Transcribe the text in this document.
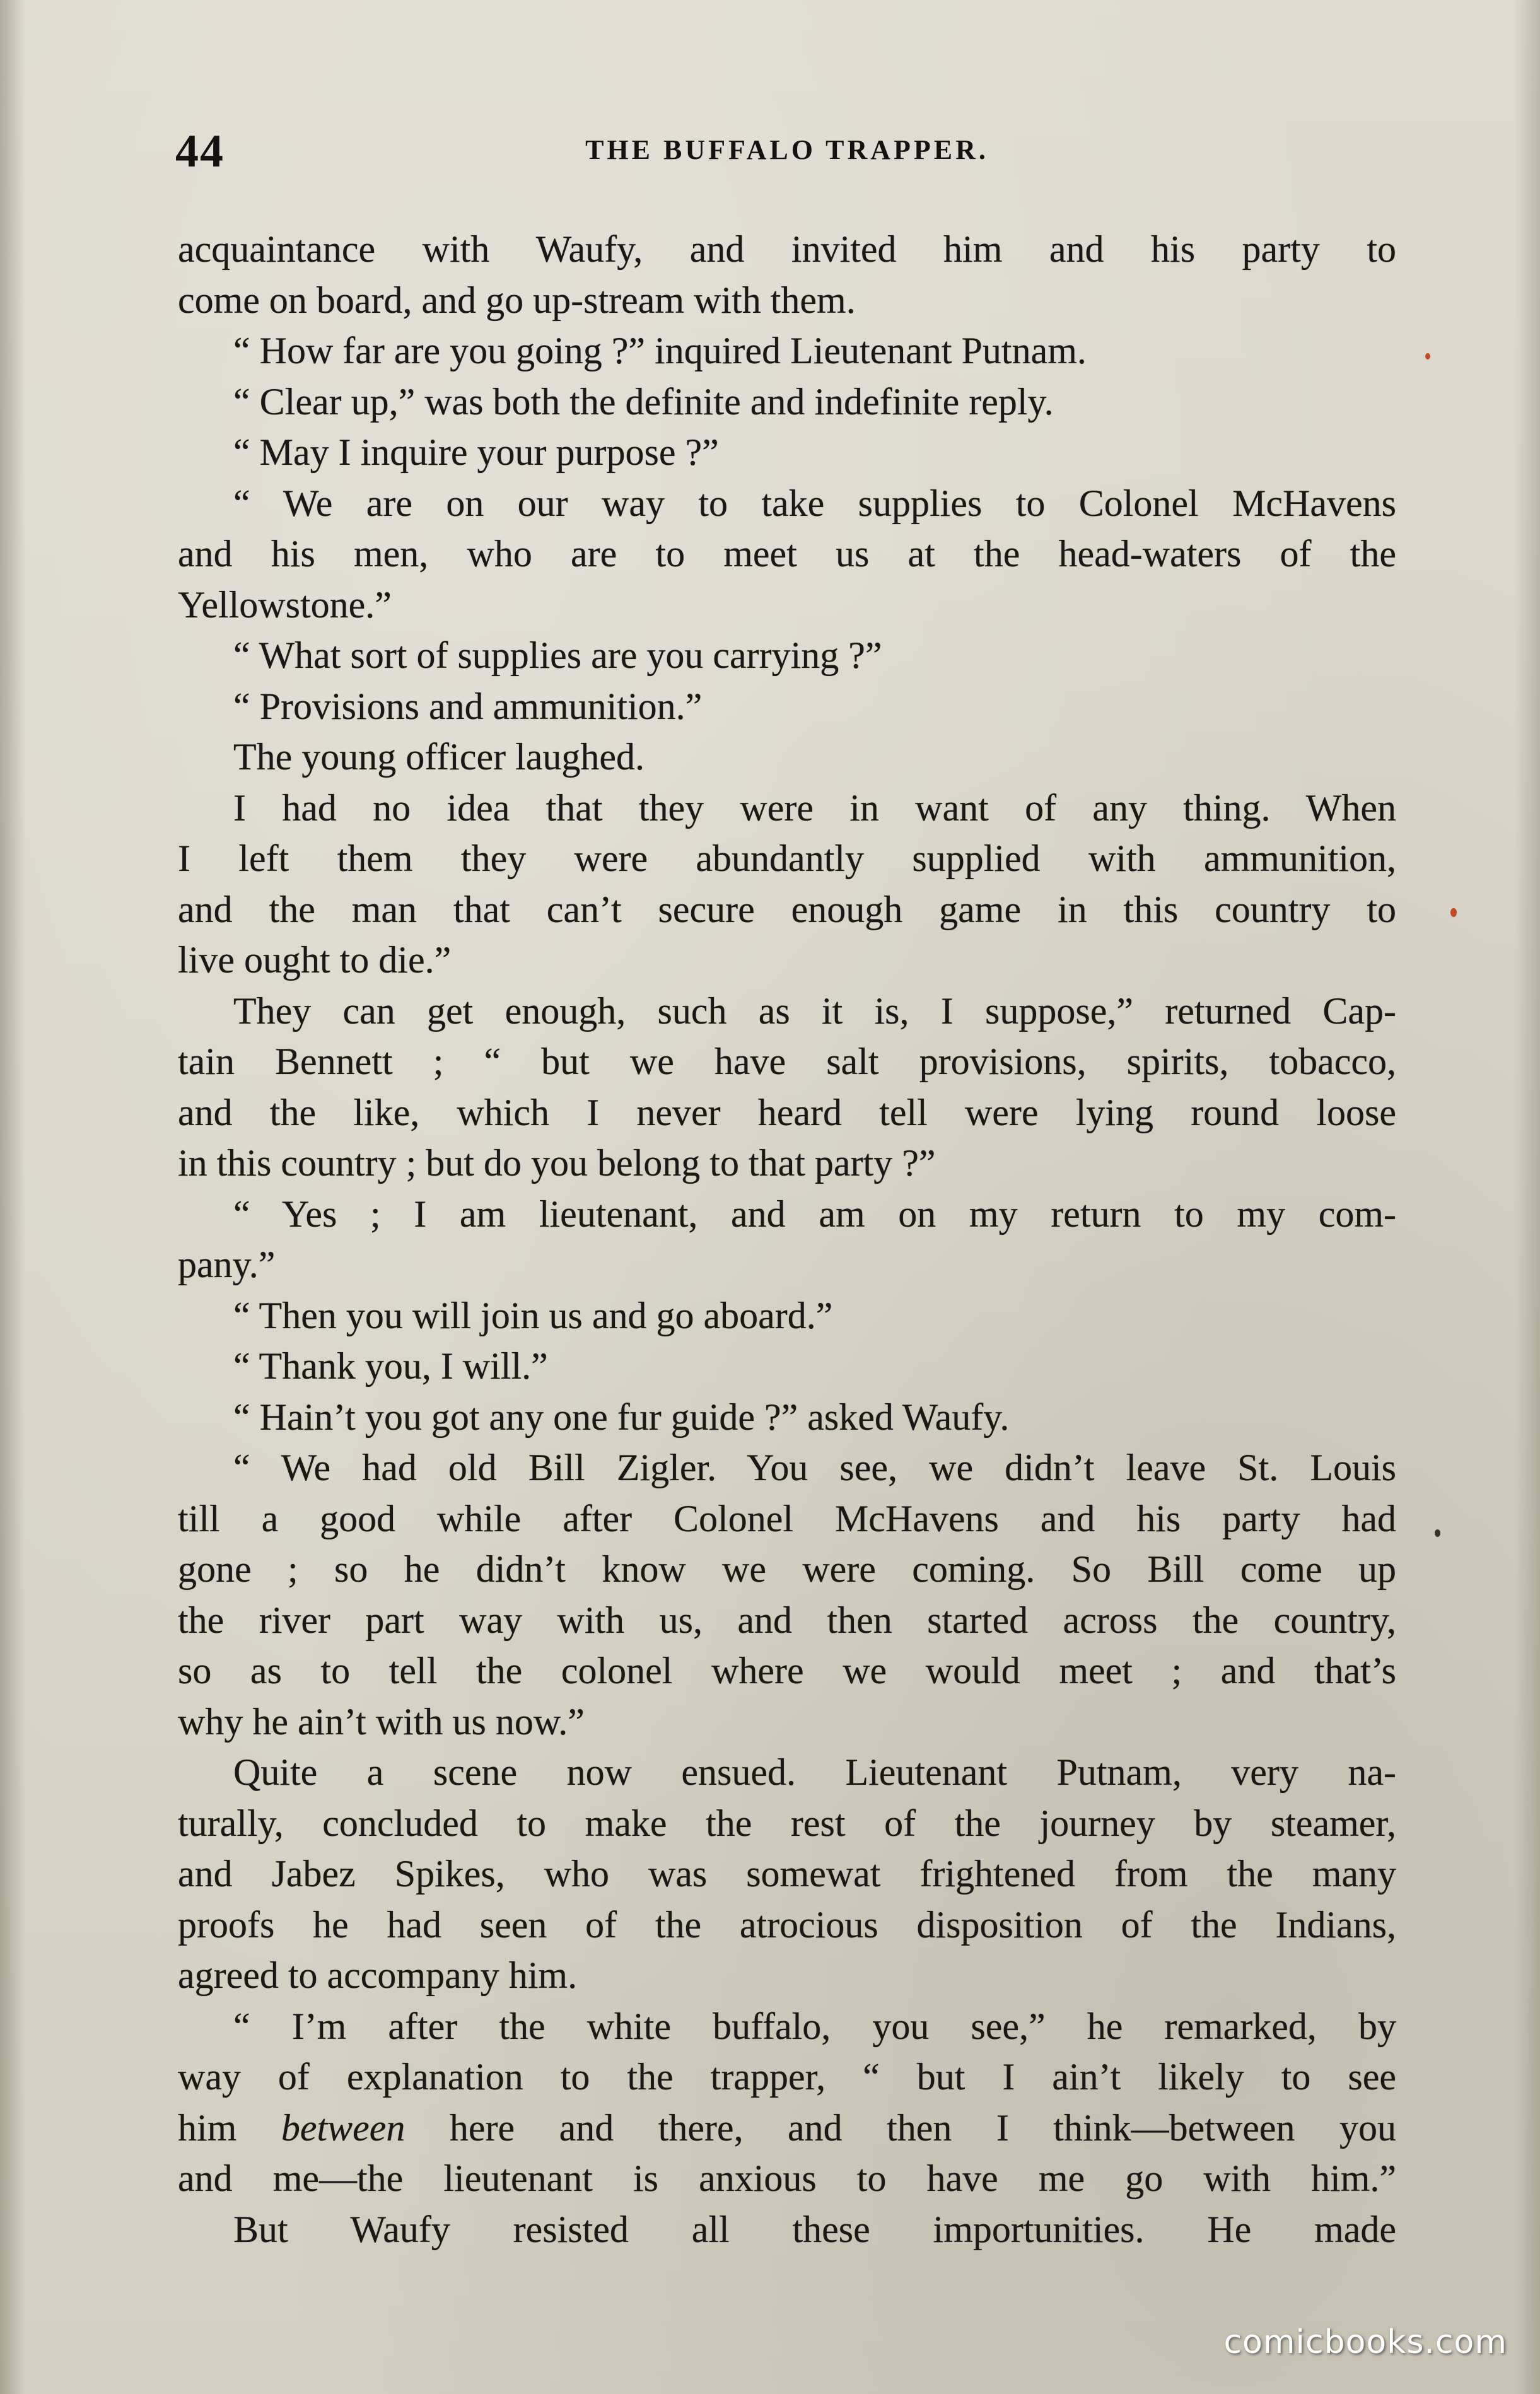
44	THE BUFFALO TRAPPER.
acquaintance with Waufy, and invited him and his party to
come on board, and go up-stream with them.
“ How far are you going ?” inquired Lieutenant Putnam.
“ Clear up,” was both the definite and indefinite reply.
“ May I inquire your purpose ?”
“ We are on our way to take supplies to Colonel McHavens
and his men, who are to meet us at the head-waters of the
Yellowstone.”
“ What sort of supplies are you carrying ?”
“ Provisions and ammunition.”
The young officer laughed.
I had no idea that they were in want of any thing. When
I left them they were abundantly supplied with ammunition,
and the man that can’t secure enough game in this country to
live ought to die.”
They can get enough, such as it is, I suppose,” returned Cap-
tain Bennett ; “ but we have salt provisions, spirits, tobacco,
and the like, which I never heard tell were lying round loose
in this country ; but do you belong to that party ?”
“ Yes ; I am lieutenant, and am on my return to my com-
pany.”
“ Then you will join us and go aboard.”
“ Thank you, I will.”
“ Hain’t you got any one fur guide ?” asked Waufy.
“ We had old Bill Zigler. You see, we didn’t leave St. Louis
till a good while after Colonel McHavens and his party had
gone ; so he didn’t know we were coming. So Bill come up
the river part way with us, and then started across the country,
so as to tell the colonel where we would meet ; and that’s
why he ain’t with us now.”
Quite a scene now ensued. Lieutenant Putnam, very na-
turally, concluded to make the rest of the journey by steamer,
and Jabez Spikes, who was somewat frightened from the many
proofs he had seen of the atrocious disposition of the Indians,
agreed to accompany him.
“ I’m after the white buffalo, you see,” he remarked, by
way of explanation to the trapper, “ but I ain’t likely to see
him between here and there, and then I think—between you
and me—the lieutenant is anxious to have me go with him.”
But Waufy resisted all these importunities. He made
comicbooks.com
